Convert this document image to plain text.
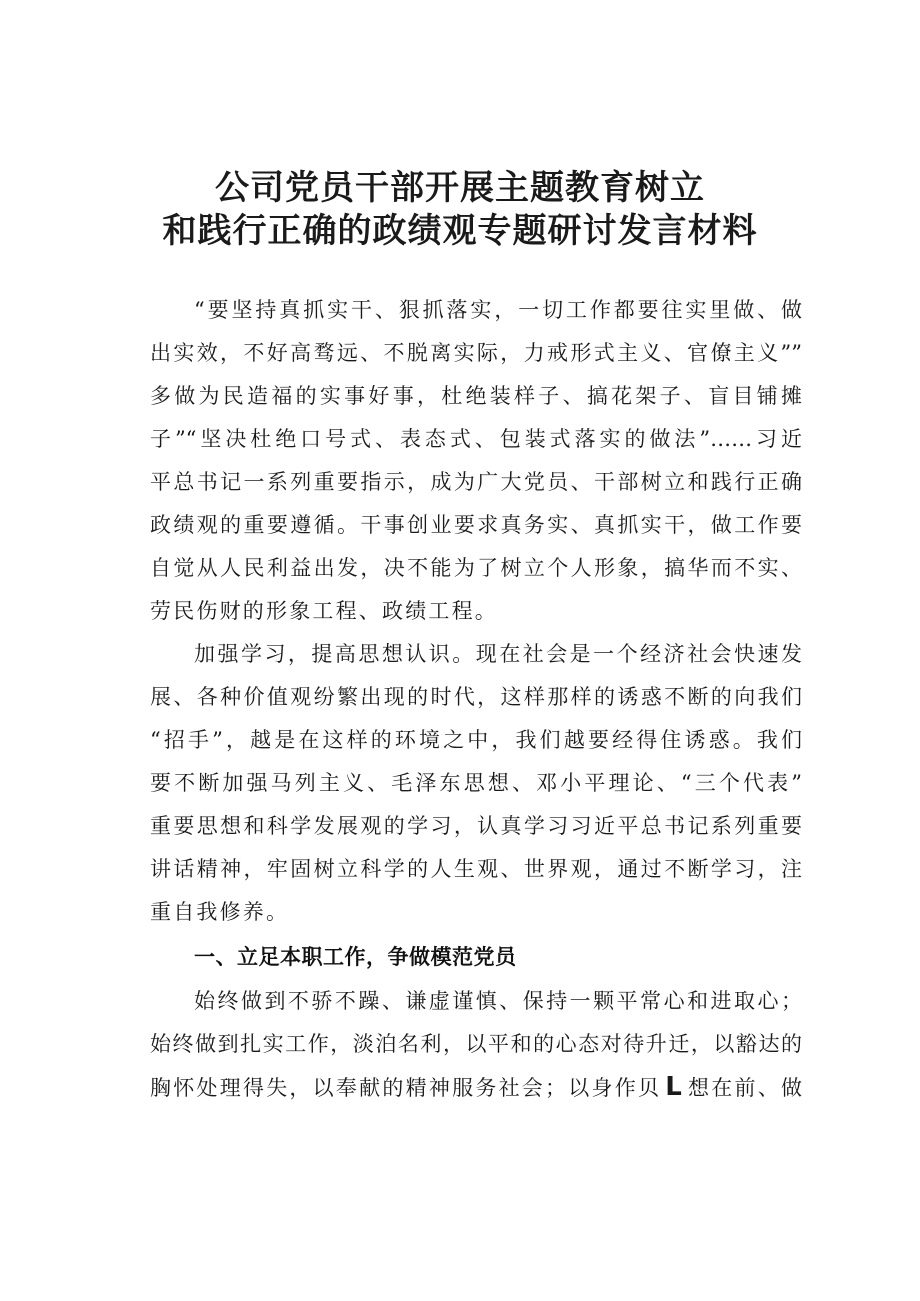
公司党员干部开展主题教育树立
和践行正确的政绩观专题研讨发言材料
“要坚持真抓实干、狠抓落实，一切工作都要往实里做、做
出实效，不好高骛远、不脱离实际，力戒形式主义、官僚主义””
多做为民造福的实事好事，杜绝装样子、搞花架子、盲目铺摊
子”“坚决杜绝口号式、表态式、包装式落实的做法”……习近
平总书记一系列重要指示，成为广大党员、干部树立和践行正确
政绩观的重要遵循。干事创业要求真务实、真抓实干，做工作要
自觉从人民利益出发，决不能为了树立个人形象，搞华而不实、
劳民伤财的形象工程、政绩工程。
加强学习，提高思想认识。现在社会是一个经济社会快速发
展、各种价值观纷繁出现的时代，这样那样的诱惑不断的向我们
“招手”，越是在这样的环境之中，我们越要经得住诱惑。我们
要不断加强马列主义、毛泽东思想、邓小平理论、“三个代表”
重要思想和科学发展观的学习，认真学习习近平总书记系列重要
讲话精神，牢固树立科学的人生观、世界观，通过不断学习，注
重自我修养。
一、立足本职工作，争做模范党员
始终做到不骄不躁、谦虚谨慎、保持一颗平常心和进取心；
始终做到扎实工作，淡泊名利，以平和的心态对待升迁，以豁达的
胸怀处理得失，以奉献的精神服务社会；以身作贝 L 想在前、做
